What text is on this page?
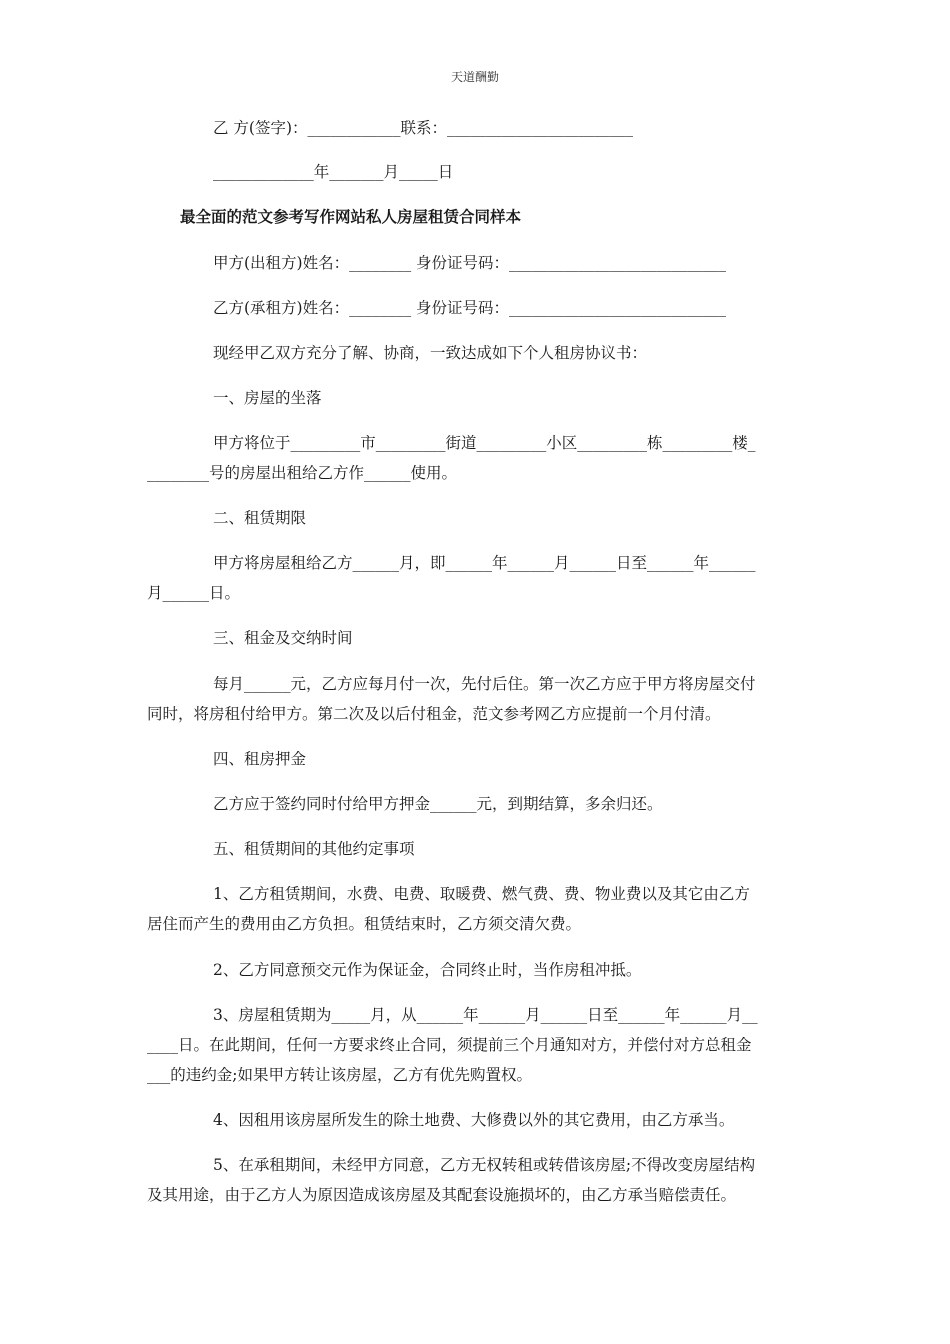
天道酬勤
乙 方(签字)：____________联系：________________________
_____________年_______月_____日
最全面的范文参考写作网站私人房屋租赁合同样本
甲方(出租方)姓名：________ 身份证号码：____________________________
乙方(承租方)姓名：________ 身份证号码：____________________________
现经甲乙双方充分了解、协商，一致达成如下个人租房协议书：
一、房屋的坐落
甲方将位于_________市_________街道_________小区_________栋_________楼_
________号的房屋出租给乙方作______使用。
二、租赁期限
甲方将房屋租给乙方______月，即______年______月______日至______年______
月______日。
三、租金及交纳时间
每月______元，乙方应每月付一次，先付后住。第一次乙方应于甲方将房屋交付
同时，将房租付给甲方。第二次及以后付租金，范文参考网乙方应提前一个月付清。
四、租房押金
乙方应于签约同时付给甲方押金______元，到期结算，多余归还。
五、租赁期间的其他约定事项
1、乙方租赁期间，水费、电费、取暖费、燃气费、费、物业费以及其它由乙方
居住而产生的费用由乙方负担。租赁结束时，乙方须交清欠费。
2、乙方同意预交元作为保证金，合同终止时，当作房租冲抵。
3、房屋租赁期为_____月，从______年______月______日至______年______月__
____日。在此期间，任何一方要求终止合同，须提前三个月通知对方，并偿付对方总租金
___的违约金;如果甲方转让该房屋，乙方有优先购置权。
4、因租用该房屋所发生的除土地费、大修费以外的其它费用，由乙方承当。
5、在承租期间，未经甲方同意，乙方无权转租或转借该房屋;不得改变房屋结构
及其用途，由于乙方人为原因造成该房屋及其配套设施损坏的，由乙方承当赔偿责任。
